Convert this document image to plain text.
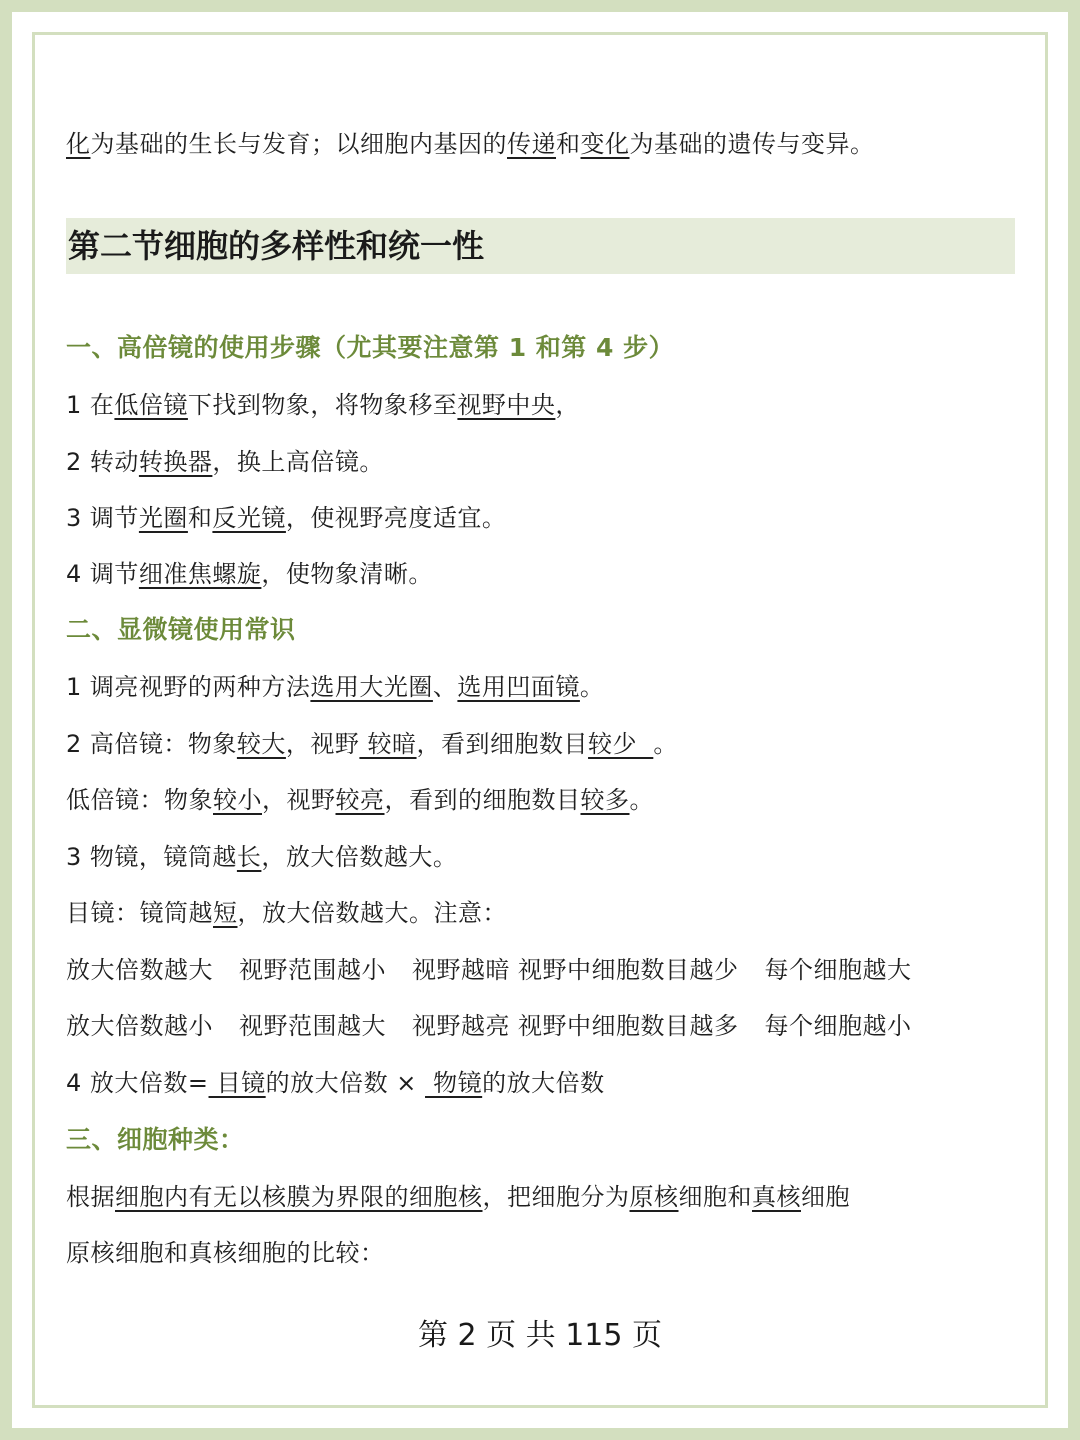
化为基础的生长与发育；以细胞内基因的传递和变化为基础的遗传与变异。
第二节细胞的多样性和统一性
一、高倍镜的使用步骤（尤其要注意第 1 和第 4 步）
1 在低倍镜下找到物象，将物象移至视野中央，
2 转动转换器，换上高倍镜。
3 调节光圈和反光镜，使视野亮度适宜。
4 调节细准焦螺旋，使物象清晰。
二、显微镜使用常识
1 调亮视野的两种方法选用大光圈、选用凹面镜。
2 高倍镜：物象较大，视野 较暗，看到细胞数目较少  。
低倍镜：物象较小，视野较亮，看到的细胞数目较多。
3 物镜，镜筒越长，放大倍数越大。
目镜：镜筒越短，放大倍数越大。注意：
放大倍数越大 视野范围越小 视野越暗 视野中细胞数目越少 每个细胞越大
放大倍数越小 视野范围越大 视野越亮 视野中细胞数目越多 每个细胞越小
4 放大倍数= 目镜的放大倍数 ×  物镜的放大倍数
三、细胞种类：
根据细胞内有无以核膜为界限的细胞核，把细胞分为原核细胞和真核细胞
原核细胞和真核细胞的比较：
第 2 页 共 115 页
